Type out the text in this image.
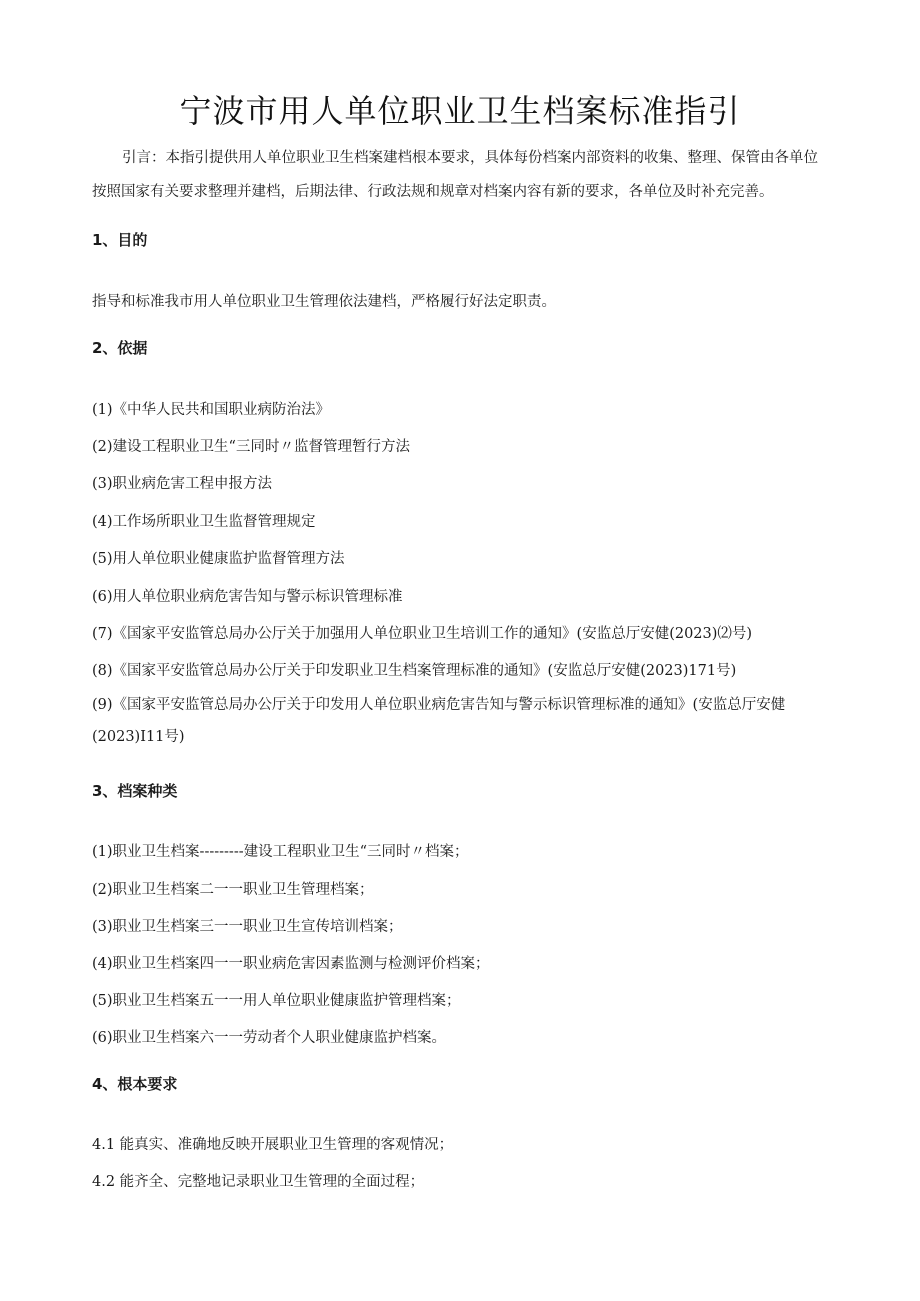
宁波市用人单位职业卫生档案标准指引

引言：本指引提供用人单位职业卫生档案建档根本要求，具体每份档案内部资料的收集、整理、保管由各单位按照国家有关要求整理并建档，后期法律、行政法规和规章对档案内容有新的要求，各单位及时补充完善。

1、目的

指导和标准我市用人单位职业卫生管理依法建档，严格履行好法定职责。

2、依据

(1)《中华人民共和国职业病防治法》

(2)建设工程职业卫生“三同时〃监督管理暂行方法

(3)职业病危害工程申报方法

(4)工作场所职业卫生监督管理规定

(5)用人单位职业健康监护监督管理方法

(6)用人单位职业病危害告知与警示标识管理标准

(7)《国家平安监管总局办公厅关于加强用人单位职业卫生培训工作的通知》(安监总厅安健(2023)⑵号)

(8)《国家平安监管总局办公厅关于印发职业卫生档案管理标准的通知》(安监总厅安健(2023)171号)

(9)《国家平安监管总局办公厅关于印发用人单位职业病危害告知与警示标识管理标准的通知》(安监总厅安健(2023)I11号)

3、档案种类

(1)职业卫生档案---------建设工程职业卫生“三同时〃档案；

(2)职业卫生档案二一一职业卫生管理档案；

(3)职业卫生档案三一一职业卫生宣传培训档案；

(4)职业卫生档案四一一职业病危害因素监测与检测评价档案；

(5)职业卫生档案五一一用人单位职业健康监护管理档案；

(6)职业卫生档案六一一劳动者个人职业健康监护档案。

4、根本要求

4.1 能真实、准确地反映开展职业卫生管理的客观情况；

4.2 能齐全、完整地记录职业卫生管理的全面过程；
